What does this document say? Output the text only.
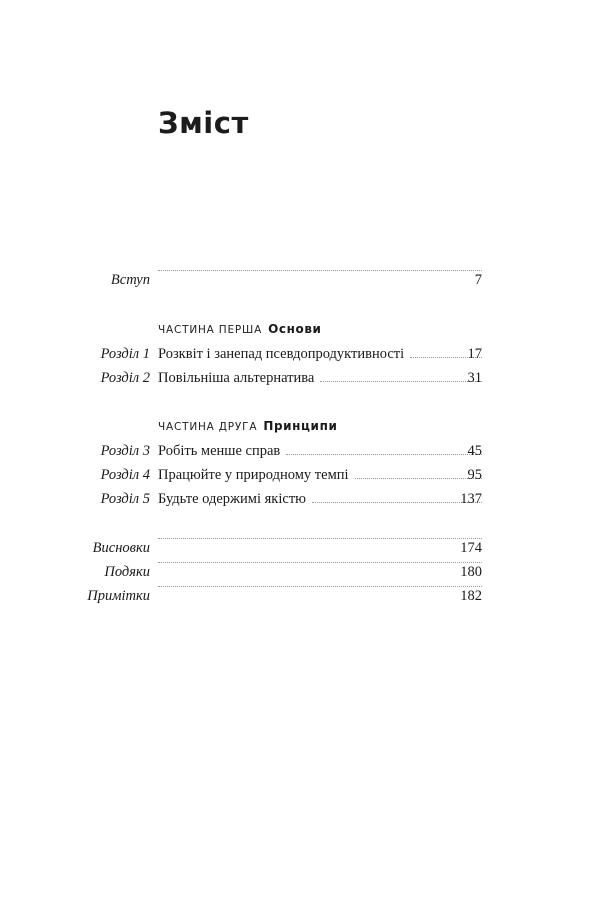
Зміст
Вступ	7
ЧАСТИНА ПЕРША Основи
Розділ 1 Розквіт і занепад псевдопродуктивності	17
Розділ 2 Повільніша альтернатива	31
ЧАСТИНА ДРУГА Принципи
Розділ 3 Робіть менше справ	45
Розділ 4 Працюйте у природному темпі	95
Розділ 5 Будьте одержимі якістю	137
Висновки	174
Подяки	180
Примітки	182
